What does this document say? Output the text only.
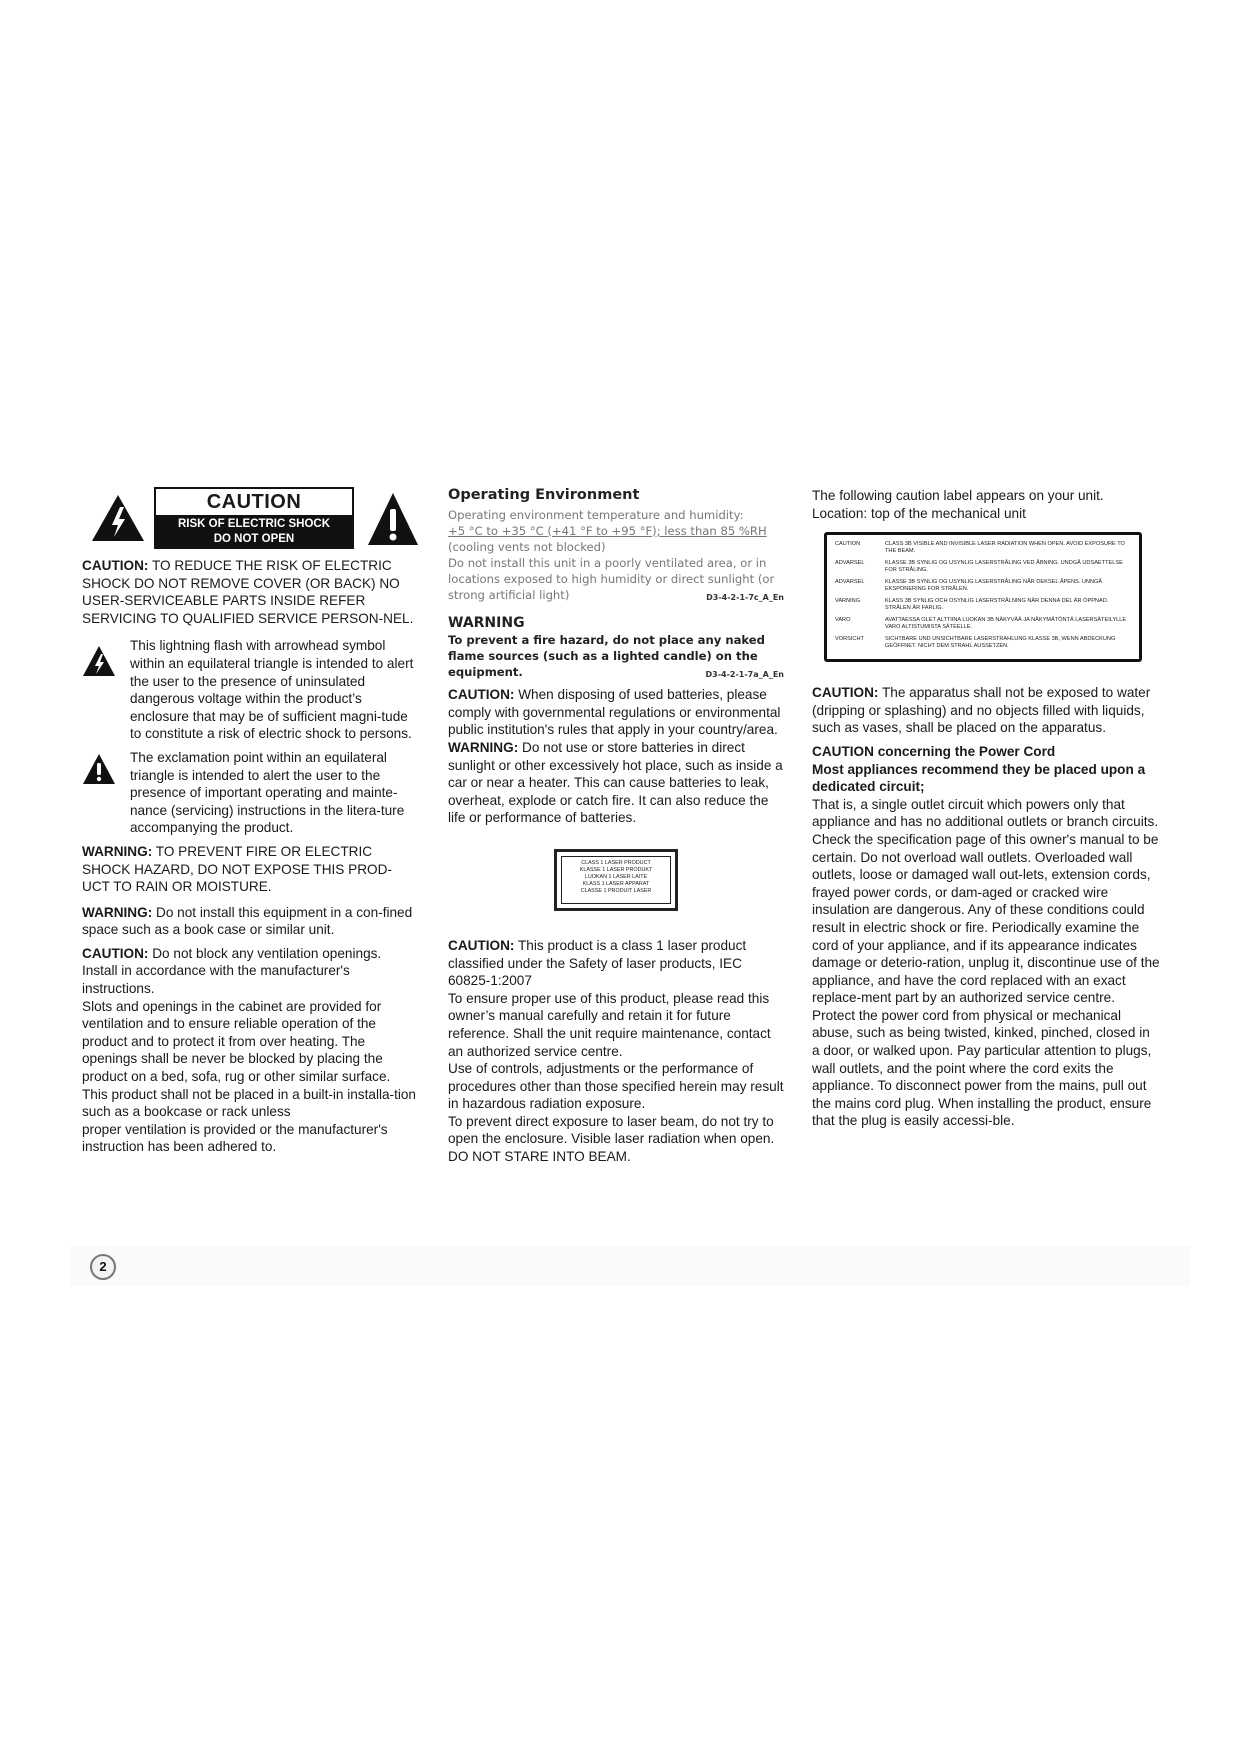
CAUTION
RISK OF ELECTRIC SHOCK
DO NOT OPEN

CAUTION: TO REDUCE THE RISK OF ELECTRIC SHOCK DO NOT REMOVE COVER (OR BACK) NO USER-SERVICEABLE PARTS INSIDE REFER SERVICING TO QUALIFIED SERVICE PERSON-NEL.

This lightning flash with arrowhead symbol within an equilateral triangle is intended to alert the user to the presence of uninsulated dangerous voltage within the product’s enclosure that may be of sufficient magni-tude to constitute a risk of electric shock to persons.

The exclamation point within an equilateral triangle is intended to alert the user to the presence of important operating and mainte-nance (servicing) instructions in the litera-ture accompanying the product.

WARNING: TO PREVENT FIRE OR ELECTRIC SHOCK HAZARD, DO NOT EXPOSE THIS PROD-UCT TO RAIN OR MOISTURE.

WARNING: Do not install this equipment in a con-fined space such as a book case or similar unit.

CAUTION: Do not block any ventilation openings. Install in accordance with the manufacturer's instructions.

Slots and openings in the cabinet are provided for ventilation and to ensure reliable operation of the product and to protect it from over heating. The openings shall be never be blocked by placing the product on a bed, sofa, rug or other similar surface. This product shall not be placed in a built-in installa-tion such as a bookcase or rack unless

proper ventilation is provided or the manufacturer's instruction has been adhered to.

Operating Environment
Operating environment temperature and humidity:
+5 °C to +35 °C (+41 °F to +95 °F); less than 85 %RH
(cooling vents not blocked)
Do not install this unit in a poorly ventilated area, or in locations exposed to high humidity or direct sunlight (or strong artificial light)	D3-4-2-1-7c_A_En
WARNING
To prevent a fire hazard, do not place any naked flame sources (such as a lighted candle) on the equipment.	D3-4-2-1-7a_A_En

CAUTION: When disposing of used batteries, please comply with governmental regulations or environmental public institution's rules that apply in your country/area.

WARNING: Do not use or store batteries in direct sunlight or other excessively hot place, such as inside a car or near a heater. This can cause batteries to leak, overheat, explode or catch fire. It can also reduce the life or performance of batteries.

CLASS 1 LASER PRODUCT
KLASSE 1 LASER PRODUKT
LUOKAN 1 LASER LAITE
KLASS 1 LASER APPARAT
CLASSE 1 PRODUIT LASER

CAUTION: This product is a class 1 laser product classified under the Safety of laser products, IEC 60825-1:2007

To ensure proper use of this product, please read this owner’s manual carefully and retain it for future reference. Shall the unit require maintenance, contact an authorized service centre.

Use of controls, adjustments or the performance of procedures other than those specified herein may result in hazardous radiation exposure.

To prevent direct exposure to laser beam, do not try to open the enclosure. Visible laser radiation when open. DO NOT STARE INTO BEAM.

The following caution label appears on your unit.

Location: top of the mechanical unit

CAUTION	CLASS 3B VISIBLE AND INVISIBLE LASER RADIATION WHEN OPEN. AVOID EXPOSURE TO THE BEAM.
ADVARSEL	KLASSE 3B SYNLIG OG USYNLIG LASERSTRÅLING VED ÅBNING. UNDGÅ UDSAETTELSE FOR STRÅLING.
ADVARSEL	KLASSE 3B SYNLIG OG USYNLIG LASERSTRÅLING NÅR DEKSEL ÅPENS. UNNGÅ EKSPONERING FOR STRÅLEN.
VARNING	KLASS 3B SYNLIG OCH OSYNLIG LASERSTRÅLNING NÄR DENNA DEL ÄR ÖPPNAD. STRÅLEN ÄR FARLIG.
VARO	AVATTAESSA OLET ALTTIINA LUOKAN 3B NÄKYVÄÄ JA NÄKYMÄTÖNTÄ LASERSÄTEILYLLE VARO ALTISTUMISTA SÄTEELLE.
VORSICHT	SICHTBARE UND UNSICHTBARE LASERSTRAHLUNG KLASSE 3B, WENN ABDECKUNG GEÖFFNET. NICHT DEM STRAHL AUSSETZEN.

CAUTION: The apparatus shall not be exposed to water (dripping or splashing) and no objects filled with liquids, such as vases, shall be placed on the apparatus.

CAUTION concerning the Power Cord

Most appliances recommend they be placed upon a dedicated circuit;

That is, a single outlet circuit which powers only that appliance and has no additional outlets or branch circuits. Check the specification page of this owner's manual to be certain. Do not overload wall outlets. Overloaded wall outlets, loose or damaged wall out-lets, extension cords, frayed power cords, or dam-aged or cracked wire insulation are dangerous. Any of these conditions could result in electric shock or fire. Periodically examine the cord of your appliance, and if its appearance indicates damage or deterio-ration, unplug it, discontinue use of the appliance, and have the cord replaced with an exact replace-ment part by an authorized service centre. Protect the power cord from physical or mechanical abuse, such as being twisted, kinked, pinched, closed in a door, or walked upon. Pay particular attention to plugs, wall outlets, and the point where the cord exits the appliance. To disconnect power from the mains, pull out the mains cord plug. When installing the product, ensure that the plug is easily accessi-ble.

2
